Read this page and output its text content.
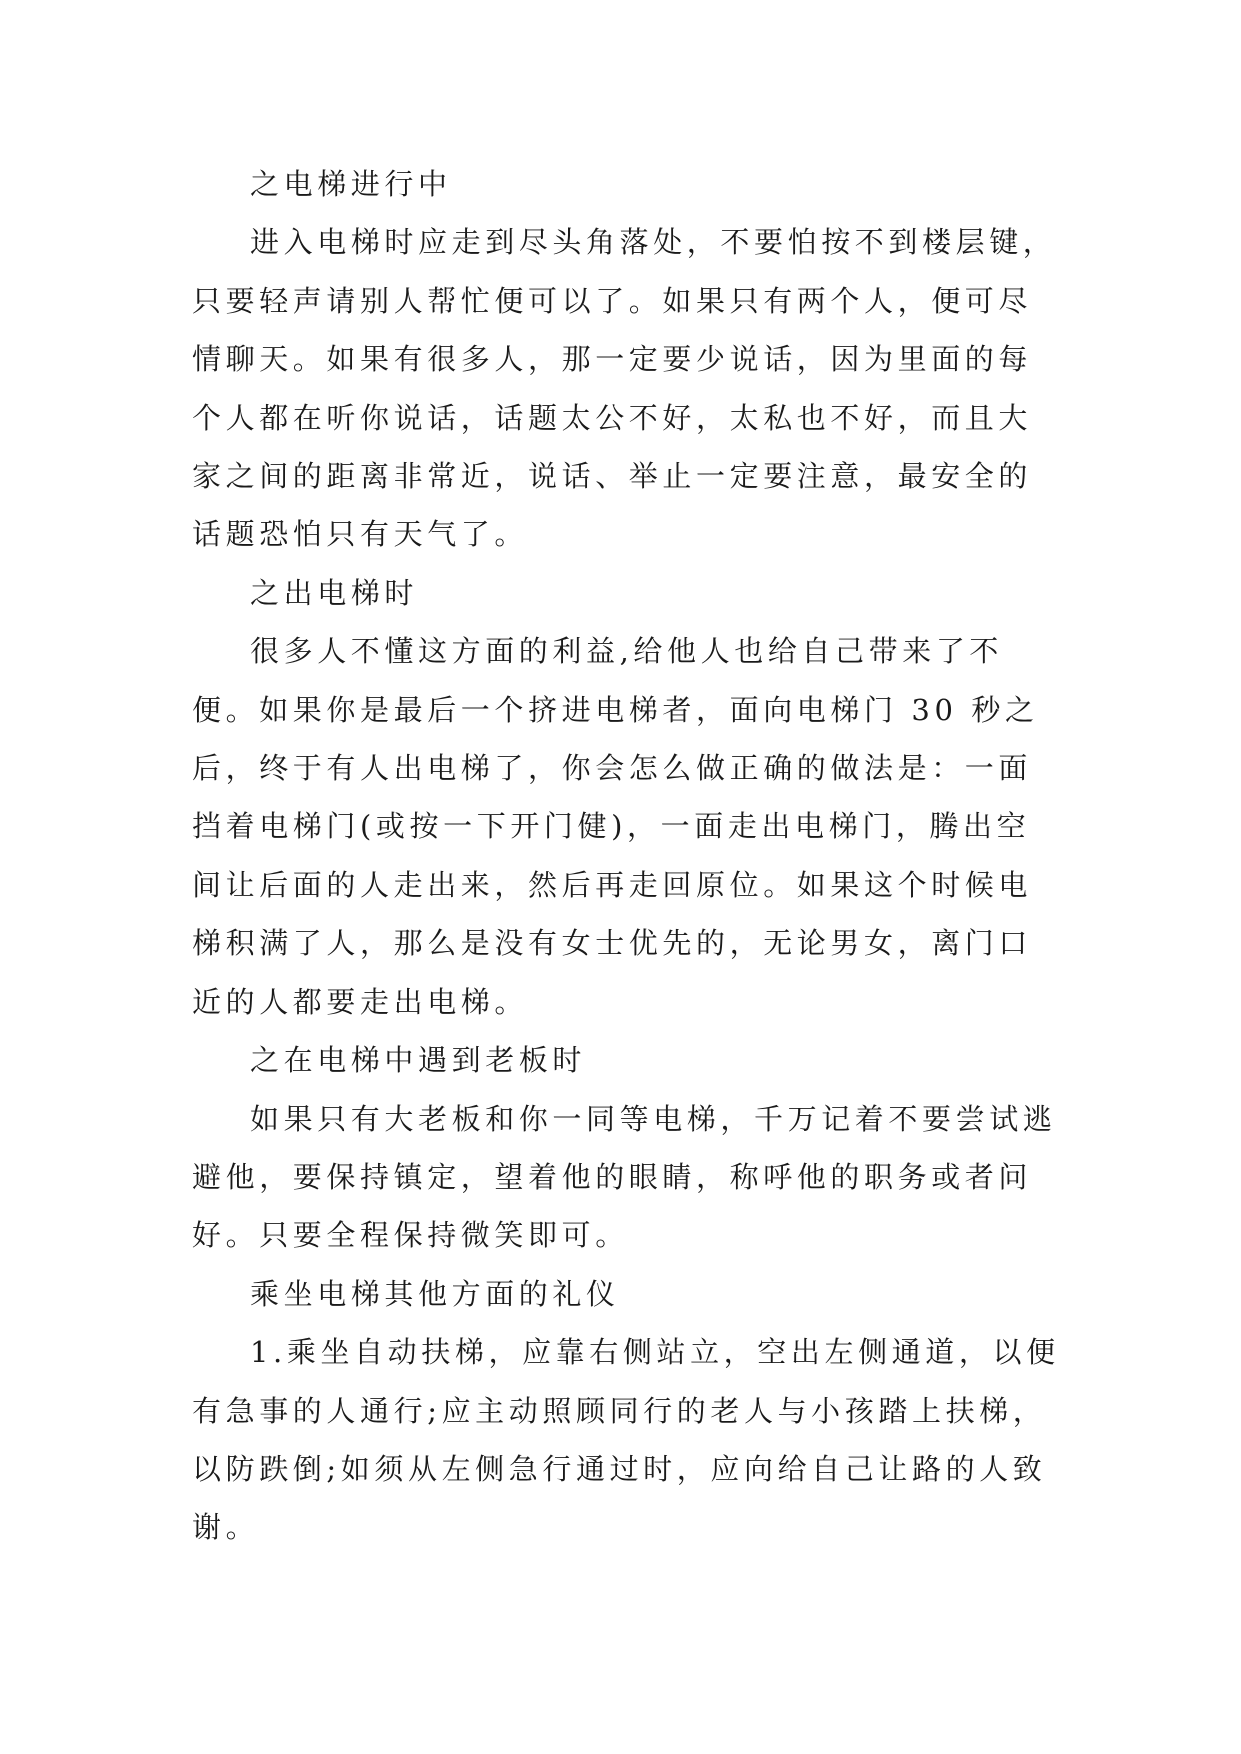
之电梯进行中

进入电梯时应走到尽头角落处，不要怕按不到楼层键，只要轻声请别人帮忙便可以了。如果只有两个人，便可尽情聊天。如果有很多人，那一定要少说话，因为里面的每个人都在听你说话，话题太公不好，太私也不好，而且大家之间的距离非常近，说话、举止一定要注意，最安全的话题恐怕只有天气了。

之出电梯时

很多人不懂这方面的利益,给他人也给自己带来了不便。如果你是最后一个挤进电梯者，面向电梯门 30 秒之后，终于有人出电梯了，你会怎么做正确的做法是：一面挡着电梯门(或按一下开门健)，一面走出电梯门，腾出空间让后面的人走出来，然后再走回原位。如果这个时候电梯积满了人，那么是没有女士优先的，无论男女，离门口近的人都要走出电梯。

之在电梯中遇到老板时

如果只有大老板和你一同等电梯，千万记着不要尝试逃避他，要保持镇定，望着他的眼睛，称呼他的职务或者问好。只要全程保持微笑即可。

乘坐电梯其他方面的礼仪

1.乘坐自动扶梯，应靠右侧站立，空出左侧通道，以便有急事的人通行;应主动照顾同行的老人与小孩踏上扶梯，以防跌倒;如须从左侧急行通过时，应向给自己让路的人致谢。
